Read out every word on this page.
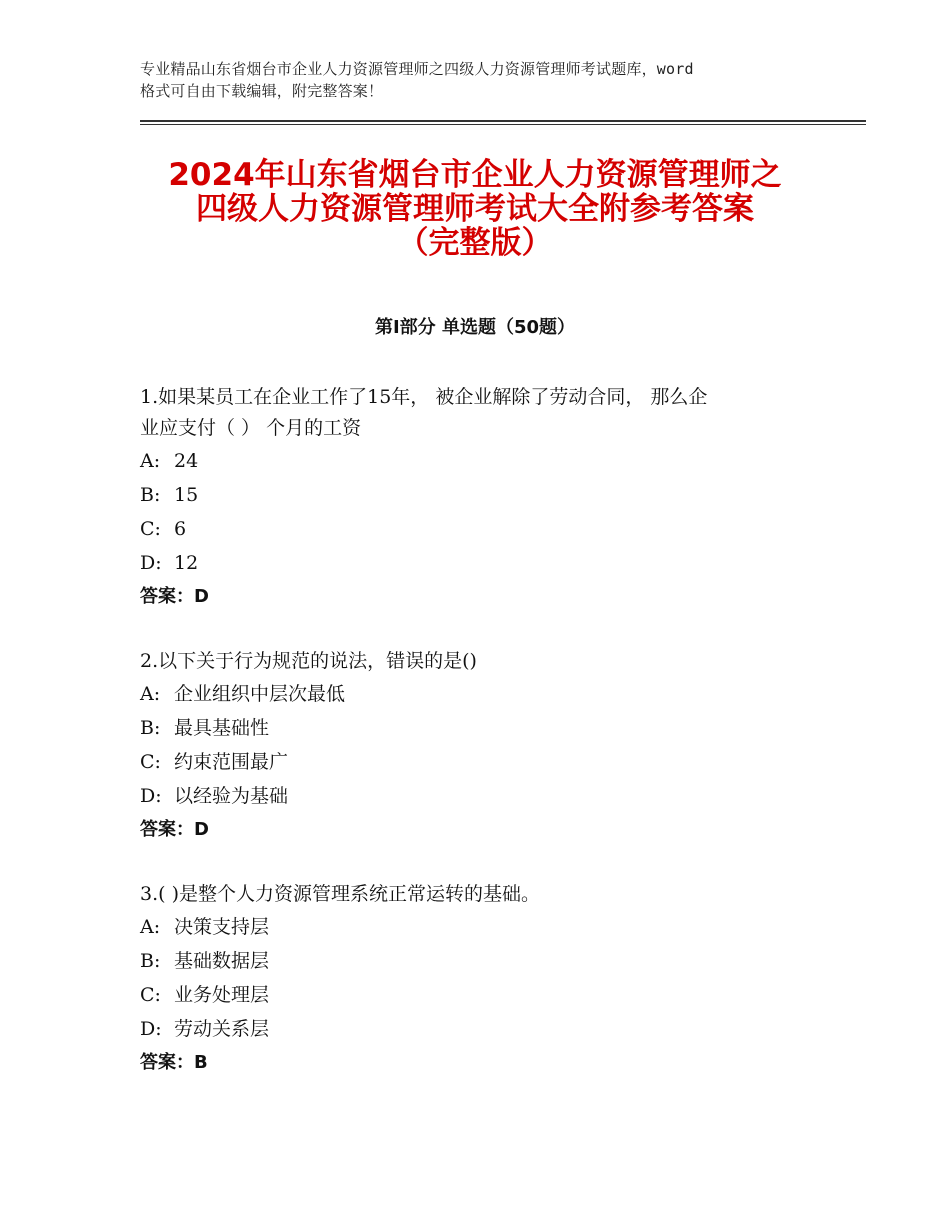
专业精品山东省烟台市企业人力资源管理师之四级人力资源管理师考试题库，word
格式可自由下载编辑，附完整答案！
2024年山东省烟台市企业人力资源管理师之
四级人力资源管理师考试大全附参考答案
（完整版）
第Ⅰ部分 单选题（50题）
1.如果某员工在企业工作了15年， 被企业解除了劳动合同， 那么企
业应支付（ ） 个月的工资
A: 24
B: 15
C: 6
D: 12
答案：D
2.以下关于行为规范的说法，错误的是()
A: 企业组织中层次最低
B: 最具基础性
C: 约束范围最广
D: 以经验为基础
答案：D
3.( )是整个人力资源管理系统正常运转的基础。
A: 决策支持层
B: 基础数据层
C: 业务处理层
D: 劳动关系层
答案：B
